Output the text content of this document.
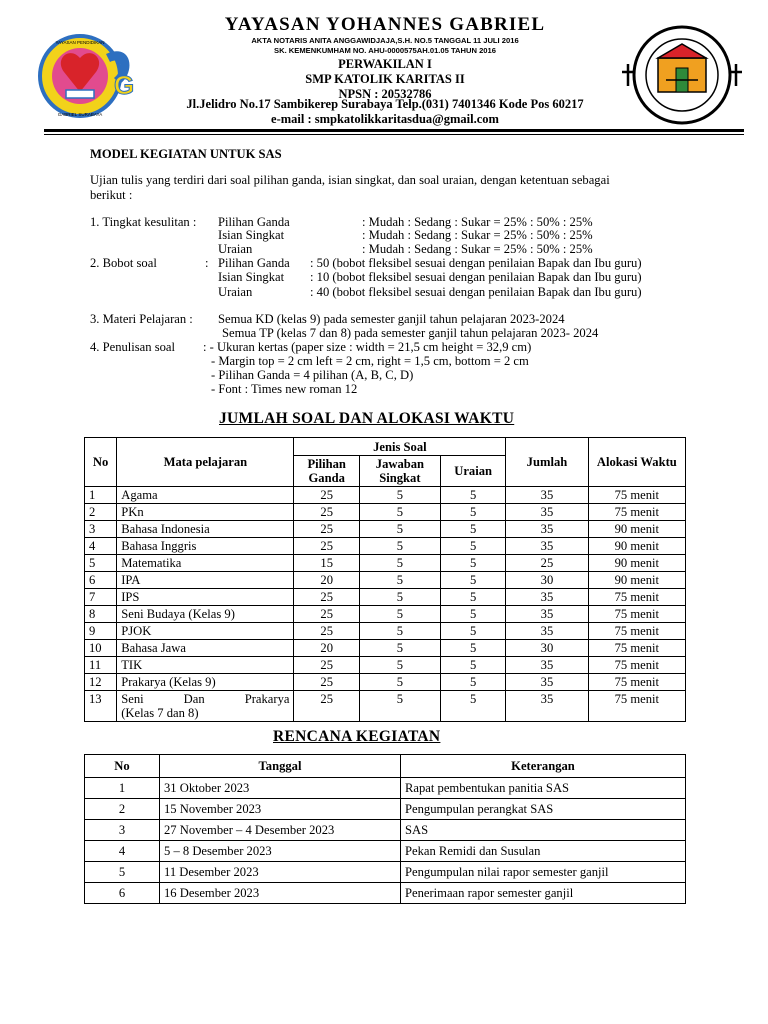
G
YAYASAN PENDIDIKAN
GABRIEL SURABAYA
YAYASAN YOHANNES GABRIEL
AKTA NOTARIS ANITA ANGGAWIDJAJA,S.H. NO.5 TANGGAL 11 JULI 2016
SK. KEMENKUMHAM NO. AHU-0000575AH.01.05 TAHUN 2016
PERWAKILAN I
SMP KATOLIK KARITAS II
NPSN : 20532786
Jl.Jelidro No.17 Sambikerep Surabaya Telp.(031) 7401346 Kode Pos 60217
e-mail : smpkatolikkaritasdua@gmail.com
MODEL KEGIATAN UNTUK SAS
Ujian tulis yang terdiri dari soal pilihan ganda, isian singkat, dan soal uraian, dengan ketentuan sebagai
berikut :
1. Tingkat kesulitan : Pilihan Ganda	: Mudah : Sedang : Sukar = 25% : 50% : 25%
Isian Singkat	: Mudah : Sedang : Sukar = 25% : 50% : 25%
Uraian	: Mudah : Sedang : Sukar = 25% : 50% : 25%
2. Bobot soal	: Pilihan Ganda : 50 (bobot fleksibel sesuai dengan penilaian Bapak dan Ibu guru)
Isian Singkat : 10 (bobot fleksibel sesuai dengan penilaian Bapak dan Ibu guru)
Uraian	: 40 (bobot fleksibel sesuai dengan penilaian Bapak dan Ibu guru)
3. Materi Pelajaran : Semua KD (kelas 9) pada semester ganjil tahun pelajaran 2023-2024
Semua TP (kelas 7 dan 8) pada semester ganjil tahun pelajaran 2023- 2024
4. Penulisan soal : - Ukuran kertas (paper size : width = 21,5 cm height = 32,9 cm)
- Margin top = 2 cm left = 2 cm, right = 1,5 cm, bottom = 2 cm
- Pilihan Ganda = 4 pilihan (A, B, C, D)
- Font : Times new roman 12
JUMLAH SOAL DAN ALOKASI WAKTU
No	Mata pelajaran	Jenis Soal			Jumlah	Alokasi Waktu
		Pilihan Ganda	Jawaban Singkat	Uraian		
1	Agama	25	5	5	35	75 menit
2	PKn	25	5	5	35	75 menit
3	Bahasa Indonesia	25	5	5	35	90 menit
4	Bahasa Inggris	25	5	5	35	90 menit
5	Matematika	15	5	5	25	90 menit
6	IPA	20	5	5	30	90 menit
7	IPS	25	5	5	35	75 menit
8	Seni Budaya (Kelas 9)	25	5	5	35	75 menit
9	PJOK	25	5	5	35	75 menit
10	Bahasa Jawa	20	5	5	30	75 menit
11	TIK	25	5	5	35	75 menit
12	Prakarya (Kelas 9)	25	5	5	35	75 menit
13	Seni Dan Prakarya
(Kelas 7 dan 8)	25	5	5	35	75 menit
RENCANA KEGIATAN
No	Tanggal	Keterangan
1	31 Oktober 2023	Rapat pembentukan panitia SAS
2	15 November 2023	Pengumpulan perangkat SAS
3	27 November – 4 Desember 2023	SAS
4	5 – 8 Desember 2023	Pekan Remidi dan Susulan
5	11 Desember 2023	Pengumpulan nilai rapor semester ganjil
6	16 Desember 2023	Penerimaan rapor semester ganjil
